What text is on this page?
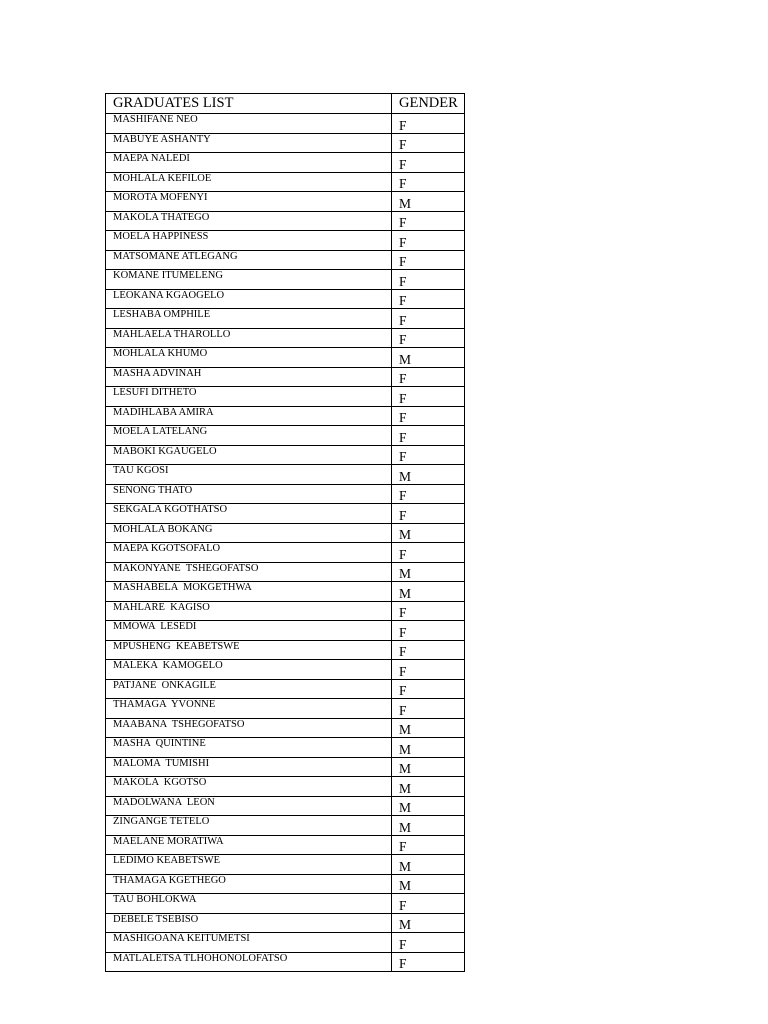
GRADUATES LIST	GENDER
MASHIFANE NEO	F
MABUYE ASHANTY	F
MAEPA NALEDI	F
MOHLALA KEFILOE	F
MOROTA MOFENYI	M
MAKOLA THATEGO	F
MOELA HAPPINESS	F
MATSOMANE ATLEGANG	F
KOMANE ITUMELENG	F
LEOKANA KGAOGELO	F
LESHABA OMPHILE	F
MAHLAELA THAROLLO	F
MOHLALA KHUMO	M
MASHA ADVINAH	F
LESUFI DITHETO	F
MADIHLABA AMIRA	F
MOELA LATELANG	F
MABOKI KGAUGELO	F
TAU KGOSI	M
SENONG THATO	F
SEKGALA KGOTHATSO	F
MOHLALA BOKANG	M
MAEPA KGOTSOFALO	F
MAKONYANE  TSHEGOFATSO	M
MASHABELA  MOKGETHWA	M
MAHLARE  KAGISO	F
MMOWA  LESEDI	F
MPUSHENG  KEABETSWE	F
MALEKA  KAMOGELO	F
PATJANE  ONKAGILE	F
THAMAGA  YVONNE	F
MAABANA  TSHEGOFATSO	M
MASHA  QUINTINE	M
MALOMA  TUMISHI	M
MAKOLA  KGOTSO	M
MADOLWANA  LEON	M
ZINGANGE TETELO	M
MAELANE MORATIWA	F
LEDIMO KEABETSWE	M
THAMAGA KGETHEGO	M
TAU BOHLOKWA	F
DEBELE TSEBISO	M
MASHIGOANA KEITUMETSI	F
MATLALETSA TLHOHONOLOFATSO	F
